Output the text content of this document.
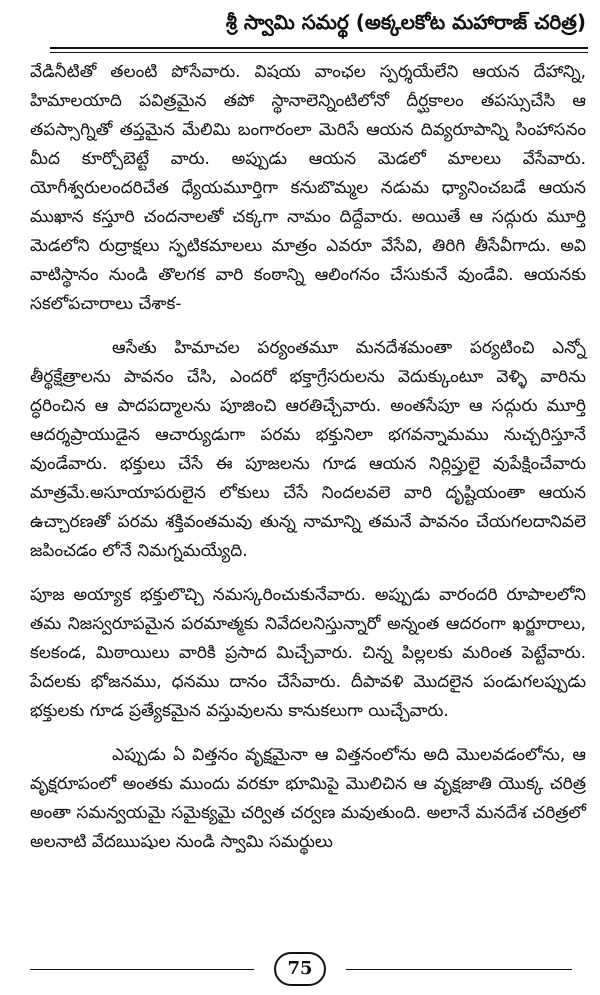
శ్రీ స్వామి సమర్థ (అక్కలకోట మహారాజ్ చరిత్ర)

వేడినీటితో తలంటి పోసేవారు. విషయ వాంఛల స్పర్శయేలేని ఆయన దేహాన్ని, హిమాలయాది పవిత్రమైన తపో స్థానాలెన్నింటిలోనో దీర్ఘకాలం తపస్సుచేసి ఆ తపస్సాగ్నితో తప్తమైన మేలిమి బంగారంలా మెరిసే ఆయన దివ్యరూపాన్ని సింహాసనం మీద కూర్చోబెట్టే వారు. అప్పుడు ఆయన మెడలో మాలలు వేసేవారు. యోగీశ్వరులందరిచేత ధ్యేయమూర్తిగా కనుబొమ్మల నడుమ ధ్యానించబడే ఆయన ముఖాన కస్తూరి చందనాలతో చక్కగా నామం దిద్దేవారు. అయితే ఆ సద్గురు మూర్తి మెడలోని రుద్రాక్షలు స్ఫటికమాలలు మాత్రం ఎవరూ వేసేవి, తిరిగి తీసేవీగాదు. అవి వాటిస్థానం నుండి తొలగక వారి కంఠాన్ని ఆలింగనం చేసుకునే వుండేవి. ఆయనకు సకలోపచారాలు చేశాక-

ఆసేతు హిమాచల పర్యంతమూ మనదేశమంతా పర్యటించి ఎన్నో తీర్థక్షేత్రాలను పావనం చేసి, ఎందరో భక్తాగ్రేసరులను వెదుక్కుంటూ వెళ్ళి వారిను ద్ధరించిన ఆ పాదపద్మాలను పూజించి ఆరతిచ్చేవారు. అంతసేపూ ఆ సద్గురు మూర్తి ఆదర్శప్రాయుడైన ఆచార్యుడుగా పరమ భక్తునిలా భగవన్నామము నుచ్చరిస్తూనే వుండేవారు. భక్తులు చేసే ఈ పూజలను గూడ ఆయన నిర్లిప్తులై వుపేక్షించేవారు మాత్రమే.అసూయాపరులైన లోకులు చేసే నిందలవలె వారి దృష్టియంతా ఆయన ఉచ్చారణతో పరమ శక్తివంతమవు తున్న నామాన్ని తమనే పావనం చేయగలదానివలె జపించడం లోనే నిమగ్నమయ్యేది.

పూజ అయ్యాక భక్తులొచ్చి నమస్కరించుకునేవారు. అప్పుడు వారందరి రూపాలలోని తమ నిజస్వరూపమైన పరమాత్మకు నివేదలనిస్తున్నారో అన్నంత ఆదరంగా ఖర్జూరాలు, కలకండ, మిఠాయిలు వారికి ప్రసాద మిచ్చేవారు. చిన్న పిల్లలకు మరింత పెట్టేవారు. పేదలకు భోజనము, ధనము దానం చేసేవారు. దీపావళి మొదలైన పండుగలప్పుడు భక్తులకు గూడ ప్రత్యేకమైన వస్తువులను కానుకలుగా యిచ్చేవారు.

ఎప్పుడు ఏ విత్తనం వృక్షమైనా ఆ విత్తనంలోను అది మొలవడంలోను, ఆ వృక్షరూపంలో అంతకు ముందు వరకూ భూమిపై మొలిచిన ఆ వృక్షజాతి యొక్క చరిత్ర అంతా సమన్వయమై సమైక్యమై చర్విత చర్వణ మవుతుంది. అలానే మనదేశ చరిత్రలో అలనాటి వేదఋషుల నుండి స్వామి సమర్థులు

75
